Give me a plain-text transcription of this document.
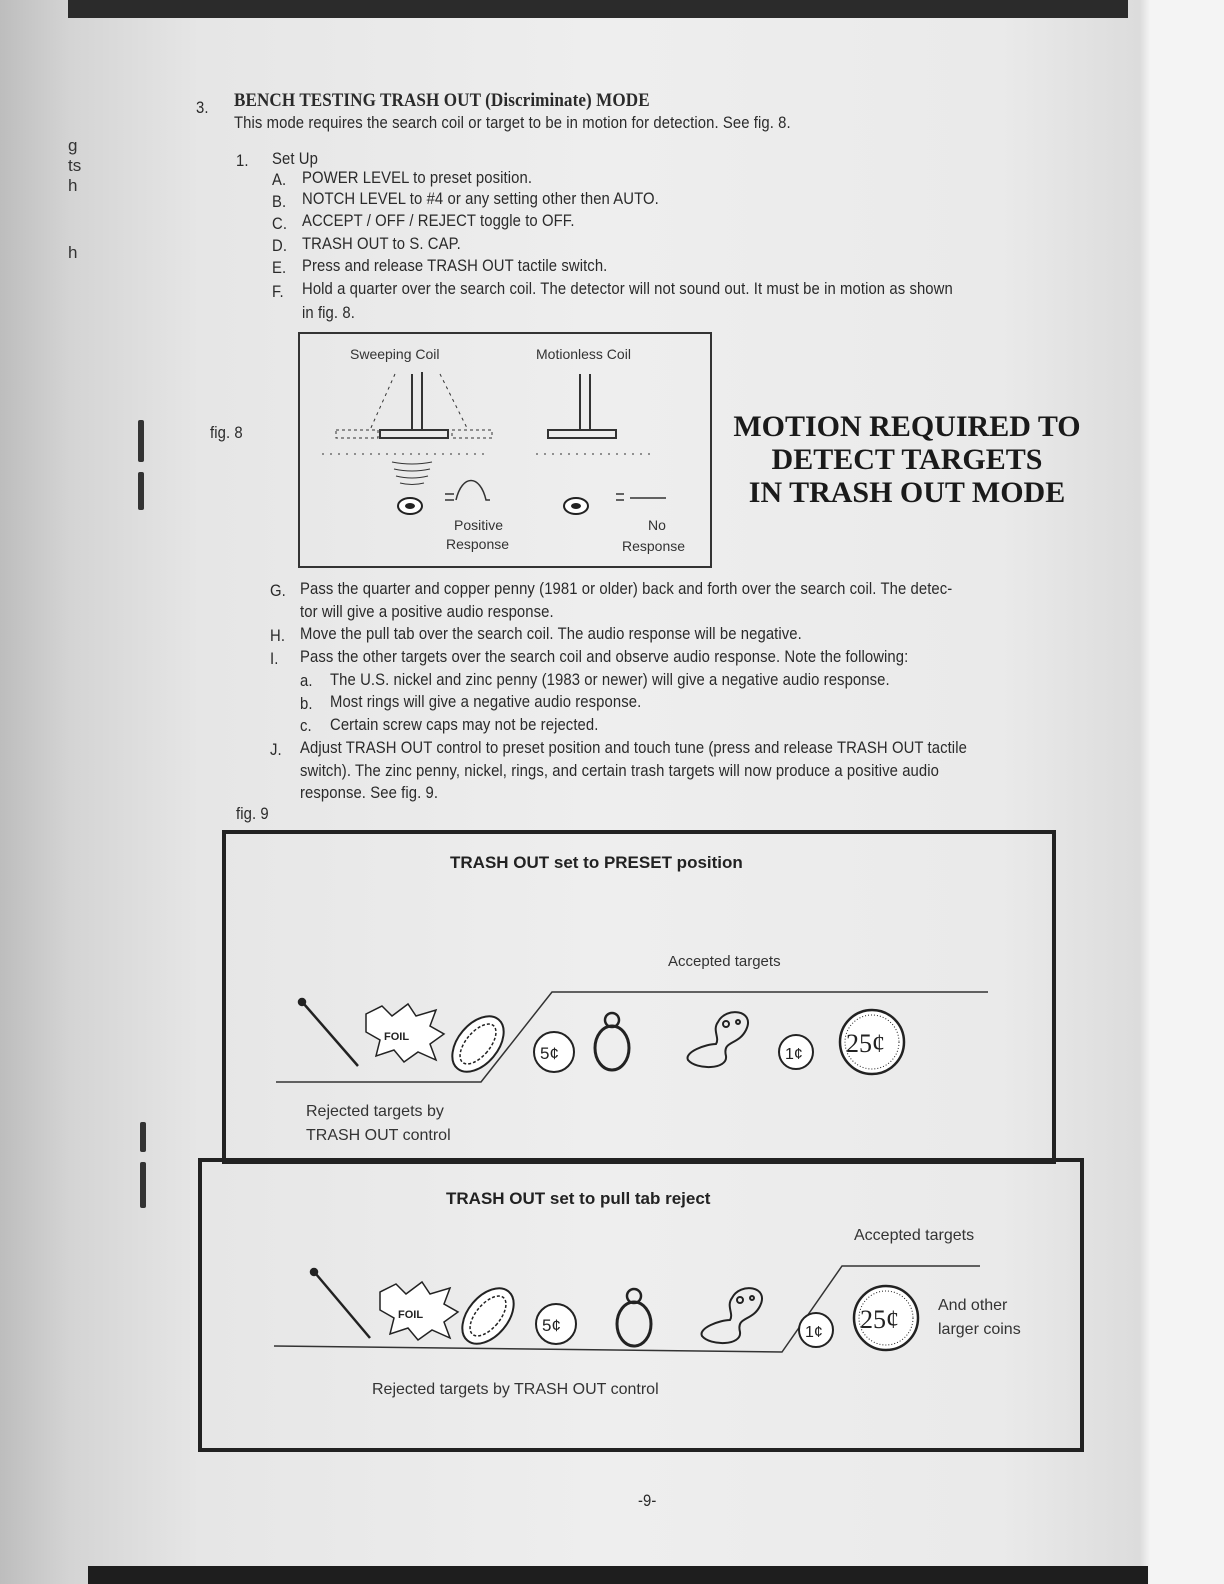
g
ts
h
h
3. BENCH TESTING TRASH OUT (Discriminate) MODE
This mode requires the search coil or target to be in motion for detection. See fig. 8.
1. Set Up
A. POWER LEVEL to preset position.
B. NOTCH LEVEL to #4 or any setting other then AUTO.
C. ACCEPT / OFF / REJECT toggle to OFF.
D. TRASH OUT to S. CAP.
E. Press and release TRASH OUT tactile switch.
F. Hold a quarter over the search coil. The detector will not sound out. It must be in motion as shown
in fig. 8.
fig. 8
Sweeping Coil	Motionless Coil
Positive
Response
No
Response
MOTION REQUIRED TO
DETECT TARGETS
IN TRASH OUT MODE
G. Pass the quarter and copper penny (1981 or older) back and forth over the search coil. The detec-
tor will give a positive audio response.
H. Move the pull tab over the search coil. The audio response will be negative.
I. Pass the other targets over the search coil and observe audio response. Note the following:
a. The U.S. nickel and zinc penny (1983 or newer) will give a negative audio response.
b. Most rings will give a negative audio response.
c. Certain screw caps may not be rejected.
J. Adjust TRASH OUT control to preset position and touch tune (press and release TRASH OUT tactile
switch). The zinc penny, nickel, rings, and certain trash targets will now produce a positive audio
response. See fig. 9.
fig. 9
TRASH OUT set to PRESET position
Accepted targets
Rejected targets by
TRASH OUT control
FOIL
5¢	1¢ 25¢
TRASH OUT set to pull tab reject
Accepted targets
Rejected targets by TRASH OUT control
And other
larger coins
FOIL
5¢	1¢ 25¢
-9-
